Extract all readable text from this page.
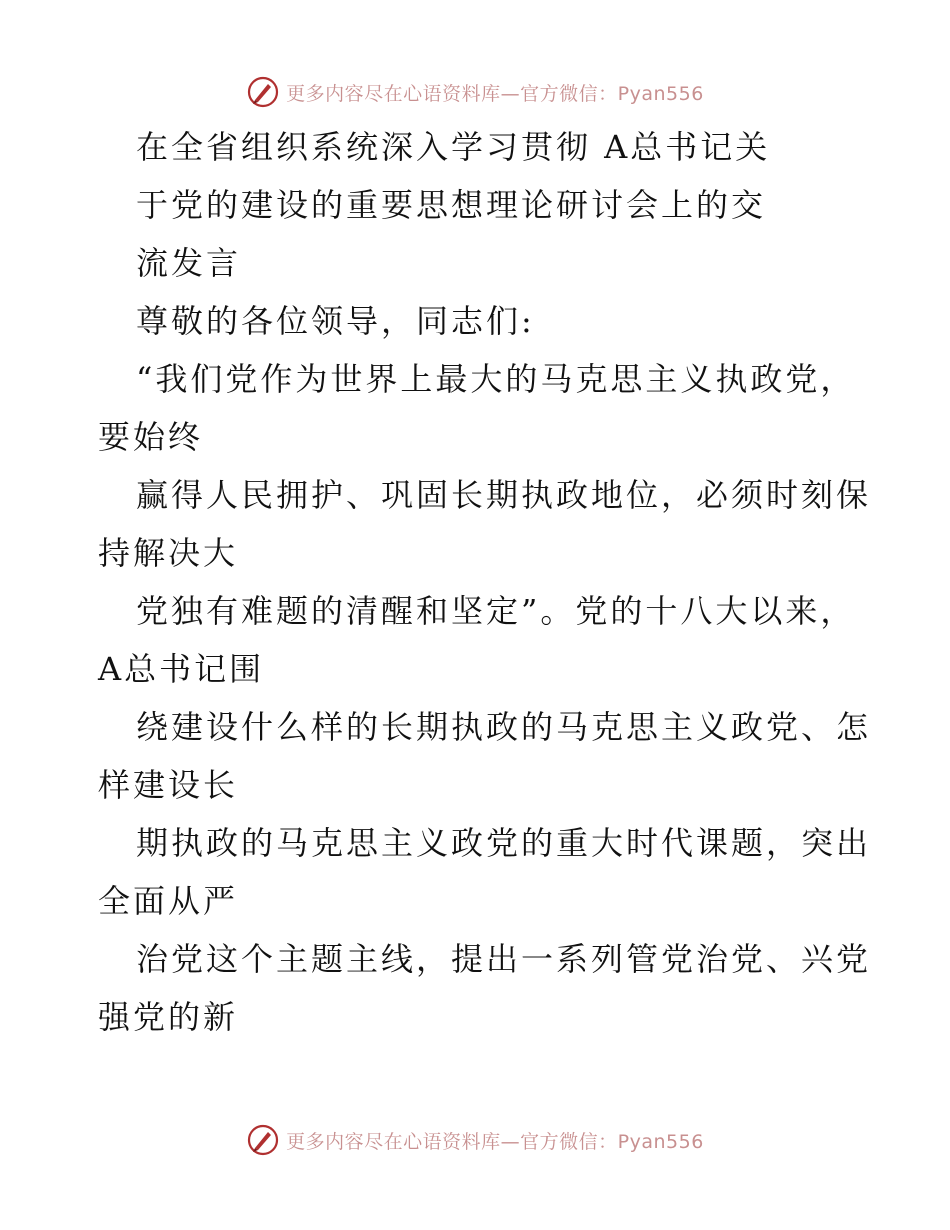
更多内容尽在心语资料库—官方微信：Pyan556
在全省组织系统深入学习贯彻 A总书记关
于党的建设的重要思想理论研讨会上的交
流发言
尊敬的各位领导，同志们:
“我们党作为世界上最大的马克思主义执政党，
要始终
赢得人民拥护、巩固长期执政地位，必须时刻保
持解决大
党独有难题的清醒和坚定”。党的十八大以来，
A总书记围
绕建设什么样的长期执政的马克思主义政党、怎
样建设长
期执政的马克思主义政党的重大时代课题，突出
全面从严
治党这个主题主线，提出一系列管党治党、兴党
强党的新
更多内容尽在心语资料库—官方微信：Pyan556
